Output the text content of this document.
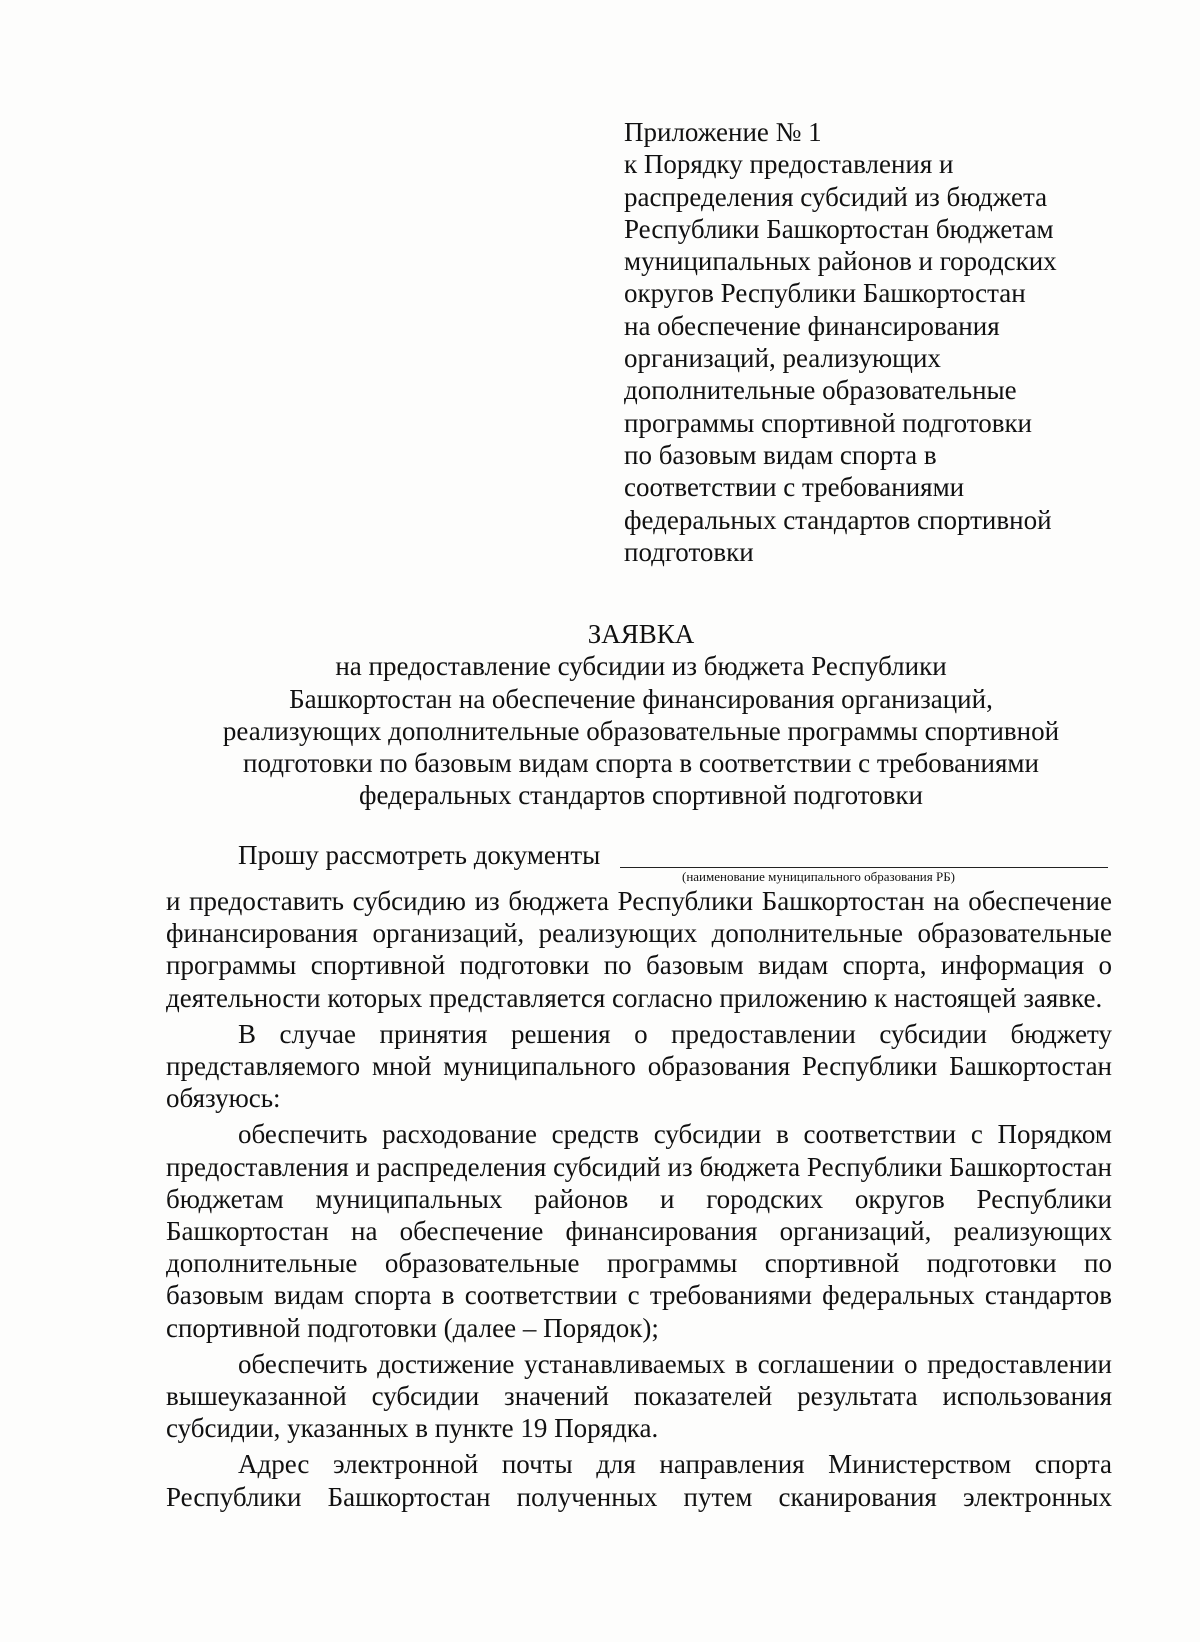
Приложение № 1
к Порядку предоставления и
распределения субсидий из бюджета
Республики Башкортостан бюджетам
муниципальных районов и городских
округов Республики Башкортостан
на обеспечение финансирования
организаций, реализующих
дополнительные образовательные
программы спортивной подготовки
по базовым видам спорта в
соответствии с требованиями
федеральных стандартов спортивной
подготовки
ЗАЯВКА
на предоставление субсидии из бюджета Республики
Башкортостан на обеспечение финансирования организаций,
реализующих дополнительные образовательные программы спортивной
подготовки по базовым видам спорта в соответствии с требованиями
федеральных стандартов спортивной подготовки
Прошу рассмотреть документы
(наименование муниципального образования РБ)

и предоставить субсидию из бюджета Республики Башкортостан на обеспечение финансирования организаций, реализующих дополнительные образовательные программы спортивной подготовки по базовым видам спорта, информация о деятельности которых представляется согласно приложению к настоящей заявке.

В случае принятия решения о предоставлении субсидии бюджету представляемого мной муниципального образования Республики Башкортостан обязуюсь:

обеспечить расходование средств субсидии в соответствии с Порядком предоставления и распределения субсидий из бюджета Республики Башкортостан бюджетам муниципальных районов и городских округов Республики Башкортостан на обеспечение финансирования организаций, реализующих дополнительные образовательные программы спортивной подготовки по базовым видам спорта в соответствии с требованиями федеральных стандартов спортивной подготовки (далее – Порядок);

обеспечить достижение устанавливаемых в соглашении о предоставлении вышеуказанной субсидии значений показателей результата использования субсидии, указанных в пункте 19 Порядка.

Адрес электронной почты для направления Министерством спорта Республики Башкортостан полученных путем сканирования электронных
